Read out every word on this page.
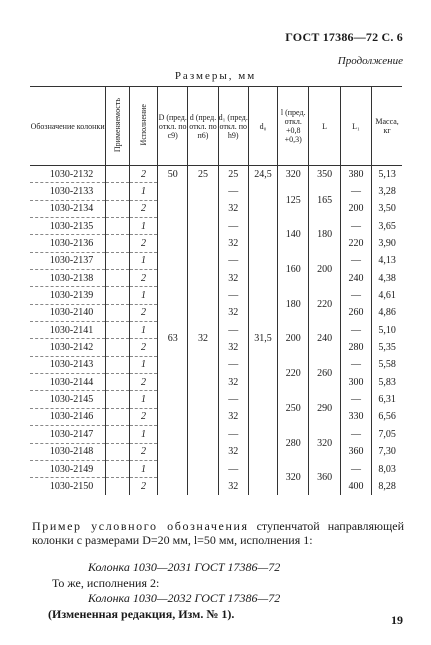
ГОСТ 17386—72 С. 6
Продолжение
Размеры, мм
Обозначение колонки	Применяемость	Исполнение	D (пред. откл. по с9)	d (пред. откл. по п6)	d₁ (пред. откл. по h9)	d₀	l (пред. откл. +0,8 +0,3)	L	L₁	Масса, кг
1030-2132		2	50	25	25	24,5	320	350	380	5,13
1030-2133		1	63	32	—	31,5	125	165	—	3,28
1030-2134		2			32				200	3,50
1030-2135		1			—		140	180	—	3,65
1030-2136		2			32				220	3,90
1030-2137		1			—		160	200	—	4,13
1030-2138		2			32				240	4,38
1030-2139		1			—		180	220	—	4,61
1030-2140		2			32				260	4,86
1030-2141		1			—		200	240	—	5,10
1030-2142		2			32				280	5,35
1030-2143		1			—		220	260	—	5,58
1030-2144		2			32				300	5,83
1030-2145		1			—		250	290	—	6,31
1030-2146		2			32				330	6,56
1030-2147		1			—		280	320	—	7,05
1030-2148		2			32				360	7,30
1030-2149		1			—		320	360	—	8,03
1030-2150		2			32				400	8,28
Пример условного обозначения ступенчатой направляющей колонки с размерами D=20 мм, l=50 мм, исполнения 1:
Колонка 1030—2031 ГОСТ 17386—72
То же, исполнения 2:
Колонка 1030—2032 ГОСТ 17386—72
(Измененная редакция, Изм. № 1).	19
